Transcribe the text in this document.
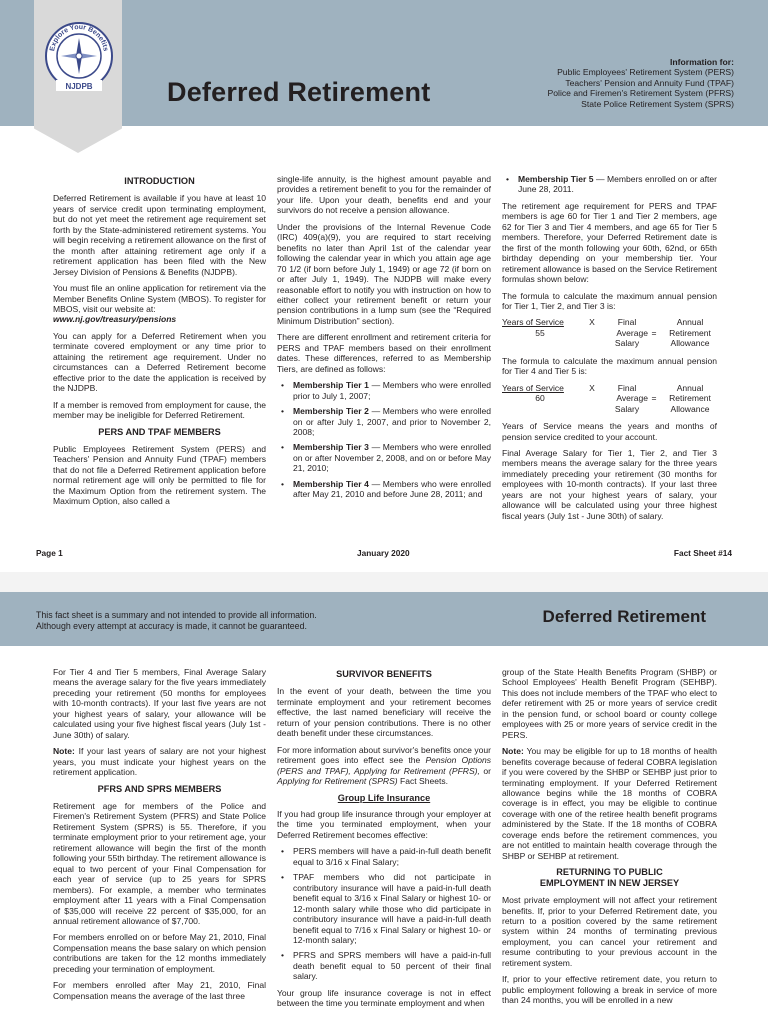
Explore Your Benefits
NJDPB	Deferred Retirement
Information for:
Public Employees' Retirement System (PERS)
Teachers' Pension and Annuity Fund (TPAF)
Police and Firemen's Retirement System (PFRS)
State Police Retirement System (SPRS)
INTRODUCTION

Deferred Retirement is available if you have at least 10 years of service credit upon terminating employment, but do not yet meet the retirement age requirement set forth by the State-administered retirement systems. You will begin receiving a retirement allowance on the first of the month after attaining retirement age only if a retirement application has been filed with the New Jersey Division of Pensions & Benefits (NJDPB).

You must file an online application for retirement via the Member Benefits Online System (MBOS). To register for MBOS, visit our website at:
www.nj.gov/treasury/pensions

You can apply for a Deferred Retirement when you terminate covered employment or any time prior to attaining the retirement age requirement. Under no circumstances can a Deferred Retirement become effective prior to the date the application is received by the NJDPB.

If a member is removed from employment for cause, the member may be ineligible for Deferred Retirement.

PERS AND TPAF MEMBERS

Public Employees Retirement System (PERS) and Teachers' Pension and Annuity Fund (TPAF) members that do not file a Deferred Retirement application before normal retirement age will only be permitted to file for the Maximum Option from the retirement system. The Maximum Option, also called a

single-life annuity, is the highest amount payable and provides a retirement benefit to you for the remainder of your life. Upon your death, benefits end and your survivors do not receive a pension allowance.

Under the provisions of the Internal Revenue Code (IRC) 409(a)(9), you are required to start receiving benefits no later than April 1st of the calendar year following the calendar year in which you attain age age 70 1/2 (if born before July 1, 1949) or age 72 (if born on or after July 1, 1949). The NJDPB will make every reasonable effort to notify you with instruction on how to either collect your retirement benefit or return your pension contributions in a lump sum (see the “Required Minimum Distribution” section).

There are different enrollment and retirement criteria for PERS and TPAF members based on their enrollment dates. These differences, referred to as Membership Tiers, are defined as follows:

• Membership Tier 1 — Members who were enrolled prior to July 1, 2007;
• Membership Tier 2 — Members who were enrolled on or after July 1, 2007, and prior to November 2, 2008;
• Membership Tier 3 — Members who were enrolled on or after November 2, 2008, and on or before May 21, 2010;
• Membership Tier 4 — Members who were enrolled after May 21, 2010 and before June 28, 2011; and
• Membership Tier 5 — Members enrolled on or after June 28, 2011.

The retirement age requirement for PERS and TPAF members is age 60 for Tier 1 and Tier 2 members, age 62 for Tier 3 and Tier 4 members, and age 65 for Tier 5 members. Therefore, your Deferred Retirement date is the first of the month following your 60th, 62nd, or 65th birthday depending on your membership tier. Your retirement allowance is based on the Service Retirement formulas shown below:

The formula to calculate the maximum annual pension for Tier 1, Tier 2, and Tier 3 is:

Years of Service	X	Final	Annual
55	Average =	Retirement
Salary	Allowance

The formula to calculate the maximum annual pension for Tier 4 and Tier 5 is:

Years of Service	X	Final	Annual
60	Average =	Retirement
Salary	Allowance

Years of Service means the years and months of pension service credited to your account.

Final Average Salary for Tier 1, Tier 2, and Tier 3 members means the average salary for the three years immediately preceding your retirement (30 months for employees with 10-month contracts). If your last three years are not your highest years of salary, your allowance will be calculated using your three highest fiscal years (July 1st - June 30th) of salary.

Page 1	January 2020	Fact Sheet #14
This fact sheet is a summary and not intended to provide all information.
Although every attempt at accuracy is made, it cannot be guaranteed.	Deferred Retirement

For Tier 4 and Tier 5 members, Final Average Salary means the average salary for the five years immediately preceding your retirement (50 months for employees with 10-month contracts). If your last five years are not your highest years of salary, your allowance will be calculated using your five highest fiscal years (July 1st - June 30th) of salary.

Note: If your last years of salary are not your highest years, you must indicate your highest years on the retirement application.

PFRS AND SPRS MEMBERS

Retirement age for members of the Police and Firemen's Retirement System (PFRS) and State Police Retirement System (SPRS) is 55. Therefore, if you terminate employment prior to your retirement age, your retirement allowance will begin the first of the month following your 55th birthday. The retirement allowance is equal to two percent of your Final Compensation for each year of service (up to 25 years for SPRS members). For example, a member who terminates employment after 11 years with a Final Compensation of $35,000 will receive 22 percent of $35,000, for an annual retirement allowance of $7,700.

For members enrolled on or before May 21, 2010, Final Compensation means the base salary on which pension contributions are taken for the 12 months immediately preceding your termination of employment.

For members enrolled after May 21, 2010, Final Compensation means the average of the last three

SURVIVOR BENEFITS

In the event of your death, between the time you terminate employment and your retirement becomes effective, the last named beneficiary will receive the return of your pension contributions. There is no other death benefit under these circumstances.

For more information about survivor's benefits once your retirement goes into effect see the Pension Options (PERS and TPAF), Applying for Retirement (PFRS), or Applying for Retirement (SPRS) Fact Sheets.

Group Life Insurance

If you had group life insurance through your employer at the time you terminated employment, when your Deferred Retirement becomes effective:

• PERS members will have a paid-in-full death benefit equal to 3/16 x Final Salary;
• TPAF members who did not participate in contributory insurance will have a paid-in-full death benefit equal to 3/16 x Final Salary or highest 10- or 12-month salary while those who did participate in contributory insurance will have a paid-in-full death benefit equal to 7/16 x Final Salary or highest 10- or 12-month salary;
• PFRS and SPRS members will have a paid-in-full death benefit equal to 50 percent of their final salary.

Your group life insurance coverage is not in effect between the time you terminate employment and when

group of the State Health Benefits Program (SHBP) or School Employees' Health Benefit Program (SEHBP). This does not include members of the TPAF who elect to defer retirement with 25 or more years of service credit in the pension fund, or school board or county college employees with 25 or more years of service credit in the PERS.

Note: You may be eligible for up to 18 months of health benefits coverage because of federal COBRA legislation if you were covered by the SHBP or SEHBP just prior to terminating employment. If your Deferred Retirement allowance begins while the 18 months of COBRA coverage is in effect, you may be eligible to continue coverage with one of the retiree health benefit programs administered by the State. If the 18 months of COBRA coverage ends before the retirement commences, you are not entitled to maintain health coverage through the SHBP or SEHBP at retirement.

RETURNING TO PUBLIC
EMPLOYMENT IN NEW JERSEY

Most private employment will not affect your retirement benefits. If, prior to your Deferred Retirement date, you return to a position covered by the same retirement system within 24 months of terminating previous employment, you can cancel your retirement and resume contributing to your previous account in the retirement system.

If, prior to your effective retirement date, you return to public employment following a break in service of more than 24 months, you will be enrolled in a new
